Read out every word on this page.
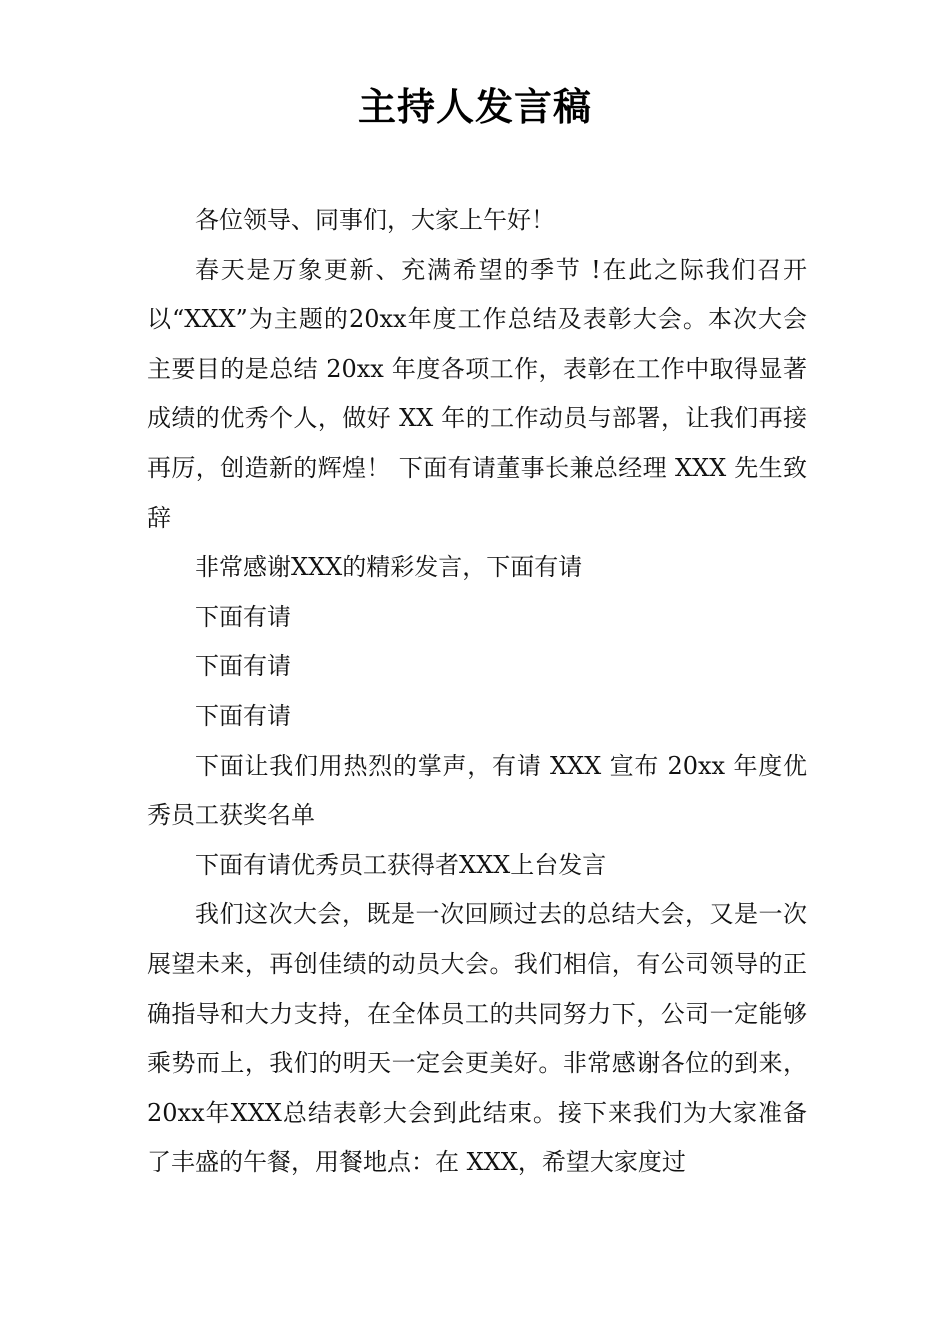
主持人发言稿

各位领导、同事们，大家上午好！

春天是万象更新、充满希望的季节 !在此之际我们召开以“XXX”为主题的20xx年度工作总结及表彰大会。本次大会主要目的是总结 20xx 年度各项工作，表彰在工作中取得显著成绩的优秀个人，做好 XX 年的工作动员与部署，让我们再接再厉，创造新的辉煌！ 下面有请董事长兼总经理 XXX 先生致辞

非常感谢XXX的精彩发言，下面有请

下面有请

下面有请

下面有请

下面让我们用热烈的掌声，有请 XXX 宣布 20xx 年度优秀员工获奖名单

下面有请优秀员工获得者XXX上台发言

我们这次大会，既是一次回顾过去的总结大会，又是一次展望未来，再创佳绩的动员大会。我们相信，有公司领导的正确指导和大力支持，在全体员工的共同努力下，公司一定能够乘势而上，我们的明天一定会更美好。非常感谢各位的到来，20xx年XXX总结表彰大会到此结束。接下来我们为大家准备了丰盛的午餐，用餐地点：在 XXX，希望大家度过
